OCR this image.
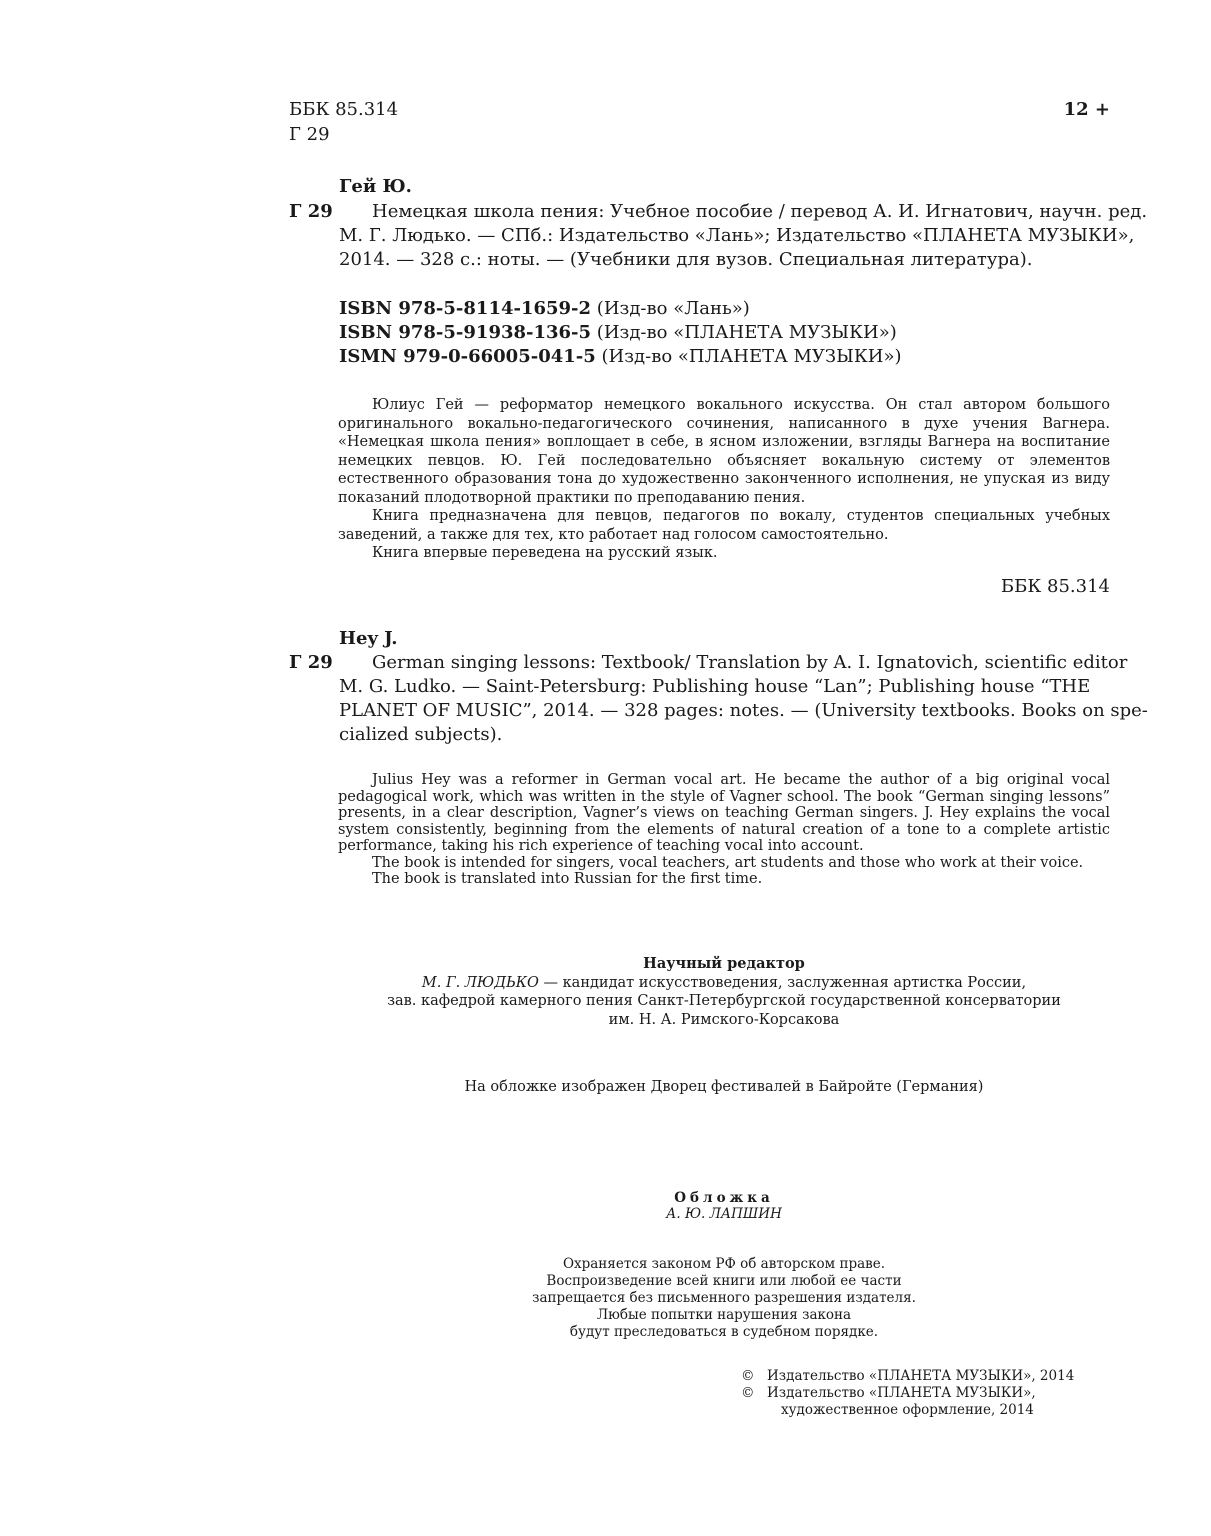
ББК 85.314
Г 29
12 +
Гей Ю.
Г 29 Немецкая школа пения: Учебное пособие / перевод А. И. Игнатович, научн. ред.
М. Г. Людько. — СПб.: Издательство «Лань»; Издательство «ПЛАНЕТА МУЗЫКИ»,
2014. — 328 с.: ноты. — (Учебники для вузов. Специальная литература).
ISBN 978-5-8114-1659-2 (Изд-во «Лань»)
ISBN 978-5-91938-136-5 (Изд-во «ПЛАНЕТА МУЗЫКИ»)
ISMN 979-0-66005-041-5 (Изд-во «ПЛАНЕТА МУЗЫКИ»)

Юлиус Гей — реформатор немецкого вокального искусства. Он стал автором большого оригинального вокально-педагогического сочинения, написанного в духе учения Вагнера. «Немецкая школа пения» воплощает в себе, в ясном изложении, взгляды Вагнера на воспитание немецких певцов. Ю. Гей последовательно объясняет вокальную систему от элементов естественного образования тона до художественно законченного исполнения, не упуская из виду показаний плодотворной практики по преподаванию пения.

Книга предназначена для певцов, педагогов по вокалу, студентов специальных учебных заведений, а также для тех, кто работает над голосом самостоятельно.

Книга впервые переведена на русский язык.

ББК 85.314
Hey J.
Г 29 German singing lessons: Textbook/ Translation by A. I. Ignatovich, scientific editor
M. G. Ludko. — Saint-Petersburg: Publishing house “Lan”; Publishing house “THE
PLANET OF MUSIC”, 2014. — 328 pages: notes. — (University textbooks. Books on spe-
cialized subjects).

Julius Hey was a reformer in German vocal art. He became the author of a big original vocal pedagogical work, which was written in the style of Vagner school. The book “German singing lessons” presents, in a clear description, Vagner’s views on teaching German singers. J. Hey explains the vocal system consistently, beginning from the elements of natural creation of a tone to a complete artistic performance, taking his rich experience of teaching vocal into account.

The book is intended for singers, vocal teachers, art students and those who work at their voice.

The book is translated into Russian for the first time.

Научный редактор
М. Г. ЛЮДЬКО — кандидат искусствоведения, заслуженная артистка России,
зав. кафедрой камерного пения Санкт-Петербургской государственной консерватории
им. Н. А. Римского-Корсакова
На обложке изображен Дворец фестивалей в Байройте (Германия)
Обложка
А. Ю. ЛАПШИН
Охраняется законом РФ об авторском праве.
Воспроизведение всей книги или любой ее части
запрещается без письменного разрешения издателя.
Любые попытки нарушения закона
будут преследоваться в судебном порядке.
© Издательство «ПЛАНЕТА МУЗЫКИ», 2014
© Издательство «ПЛАНЕТА МУЗЫКИ»,
художественное оформление, 2014
